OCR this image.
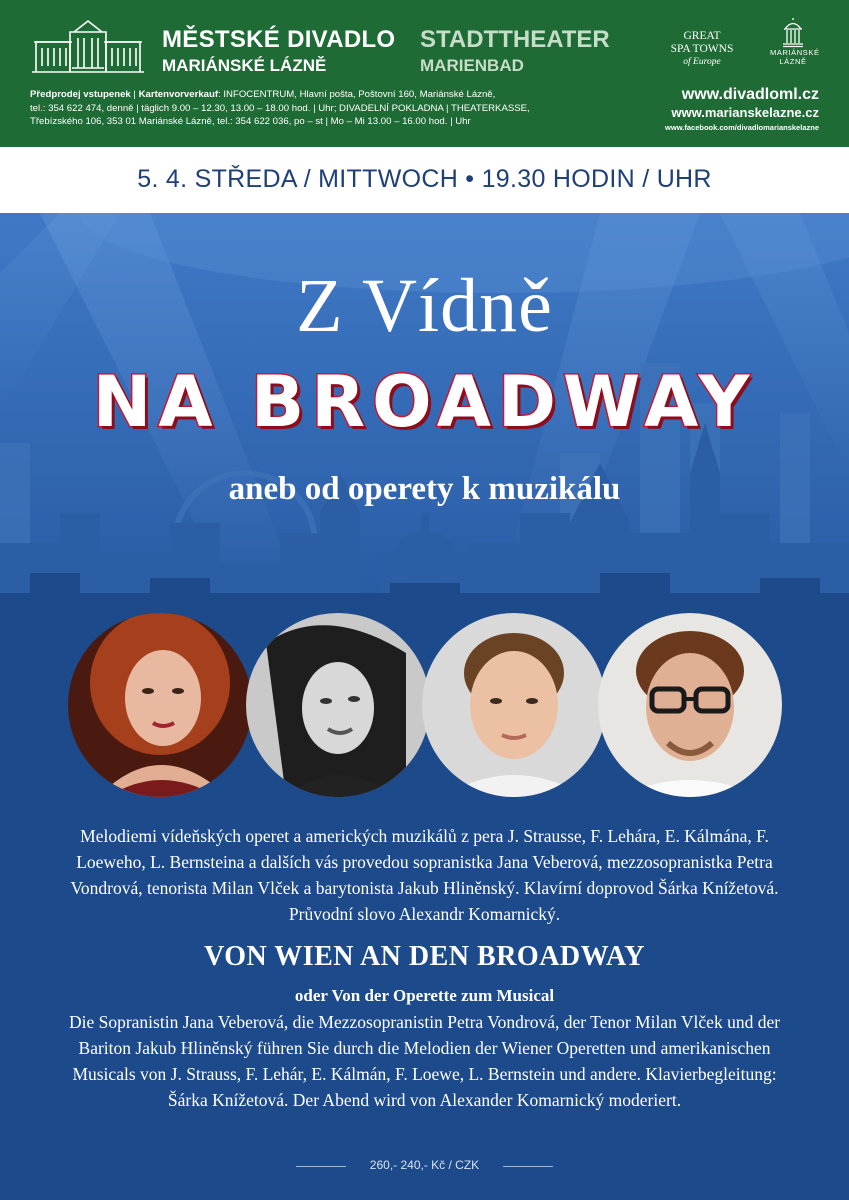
MĚSTSKÉ DIVADLO
MARIÁNSKÉ LÁZNĚ
STADTTHEATER
MARIENBAD
GREAT
SPA TOWNS
of Europe
MARIÁNSKÉ
LÁZNĚ
Předprodej vstupenek | Kartenvorverkauf: INFOCENTRUM, Hlavní pošta, Poštovní 160, Mariánské Lázně,
tel.: 354 622 474, denně | täglich 9.00 – 12.30, 13.00 – 18.00 hod. | Uhr; DIVADELNÍ POKLADNA | THEATERKASSE,
Třebízského 106, 353 01 Mariánské Lázně, tel.: 354 622 036, po – st | Mo – Mi 13.00 – 16.00 hod. | Uhr
www.divadloml.cz
www.marianskelazne.cz
www.facebook.com/divadlomarianskelazne
5. 4. STŘEDA / MITTWOCH • 19.30 HODIN / UHR
Z Vídně
NA BROADWAY
aneb od operety k muzikálu
Melodiemi vídeňských operet a amerických muzikálů z pera J. Strausse, F. Lehára, E. Kálmána, F. Loeweho, L. Bernsteina a dalších vás provedou sopranistka Jana Veberová, mezzosopranistka Petra Vondrová, tenorista Milan Vlček a barytonista Jakub Hliněnský. Klavírní doprovod Šárka Knížetová. Průvodní slovo Alexandr Komarnický.
VON WIEN AN DEN BROADWAY
oder Von der Operette zum Musical
Die Sopranistin Jana Veberová, die Mezzosopranistin Petra Vondrová, der Tenor Milan Vlček und der Bariton Jakub Hliněnský führen Sie durch die Melodien der Wiener Operetten und amerikanischen Musicals von J. Strauss, F. Lehár, E. Kálmán, F. Loewe, L. Bernstein und andere. Klavierbegleitung: Šárka Knížetová. Der Abend wird von Alexander Komarnický moderiert.
260,- 240,- Kč / CZK
